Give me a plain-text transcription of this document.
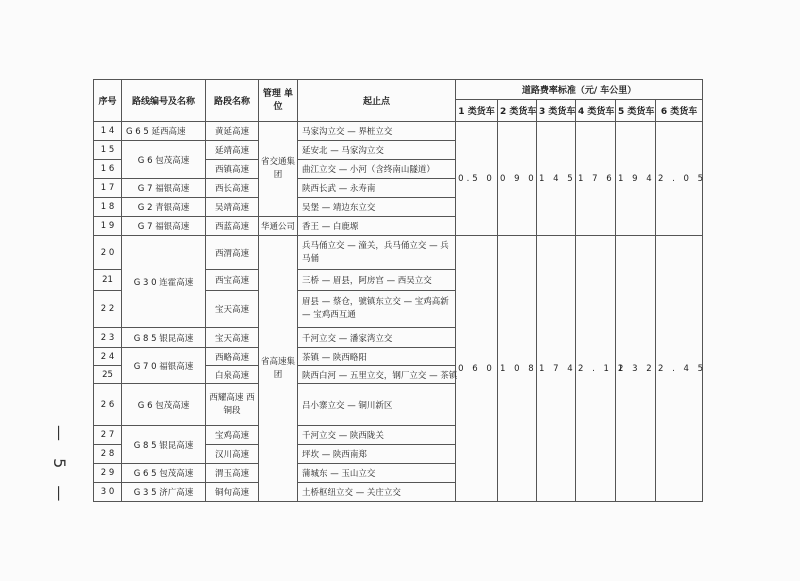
— 5 —
序号	路线编号及名称	路段名称	管理 单位	起止点	道路费率标准（元/ 车公里）					
					1 类货车	2 类货车	3 类货车	4 类货车	5 类货车	6 类货车
1 4	G 6 5 延西高速	黄延高速	省交通集团	马家沟立交 — 界桩立交	0.5 0	0 9 0	1 4 5	1 7 6	1 9 4	2 . 0 5
1 5	G 6 包茂高速	延靖高速		延安北 — 马家沟立交						
1 6		西镇高速		曲江立交 — 小河（含终南山隧道）						
1 7	G 7 福银高速	西长高速		陕西长武 — 永寿南						
1 8	G 2 青银高速	吴靖高速		吴堡 — 靖边东立交						
1 9	G 7 福银高速	西蓝高速	华通公司	香王 — 白鹿塬						
2 0	G 3 0 连霍高速	西渭高速	省高速集团	兵马俑立交 — 潼关，兵马俑立交 — 兵马俑	0 6 0	1 0 8	1 7 4	2 . 1 1	2 3 2	2 . 4 5
21		西宝高速		三桥 — 眉县，阿房宫 — 西吴立交						
2 2		宝天高速		眉县 — 蔡仓，號镇东立交 — 宝鸡高新 — 宝鸡西互通						
2 3	G 8 5 银昆高速	宝天高速		千河立交 — 潘家湾立交						
2 4	G 7 0 福银高速	西略高速		茶镇 — 陕西略阳						
25		白泉高速		陕西白河 — 五里立交，钢厂立交 — 茶镇						
2 6	G 6 包茂高速	西耀高速 西铜段		吕小寨立交 — 铜川新区						
2 7	G 8 5 银昆高速	宝鸡高速		千河立交 — 陕西陇关						
2 8		汉川高速		坪坎 — 陕西南郑						
2 9	G 6 5 包茂高速	渭玉高速		蒲城东 — 玉山立交						
3 0	G 3 5 济广高速	铜旬高速		土桥枢纽立交 — 关庄立交						
